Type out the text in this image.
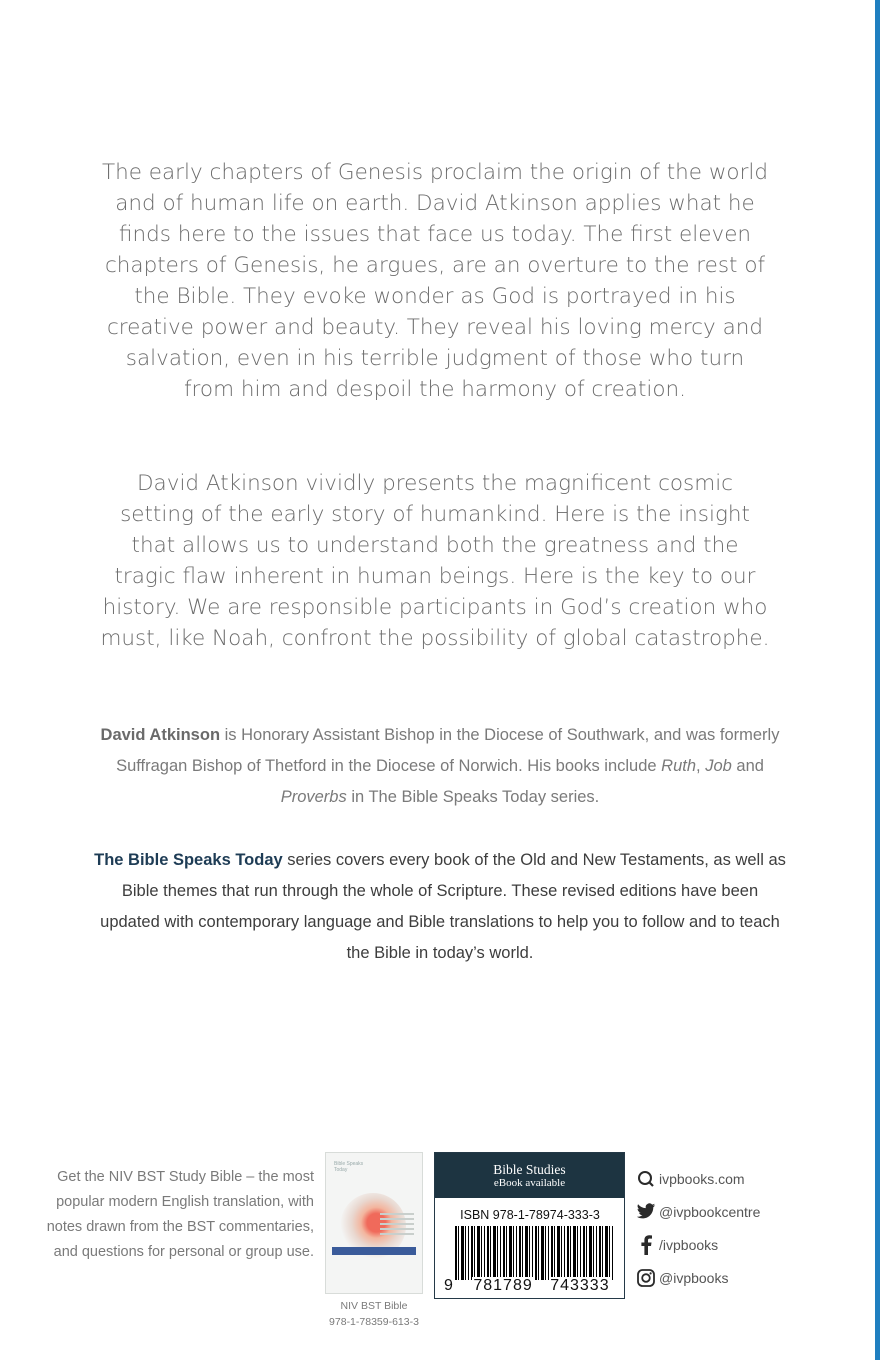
The early chapters of Genesis proclaim the origin of the world and of human life on earth. David Atkinson applies what he finds here to the issues that face us today. The first eleven chapters of Genesis, he argues, are an overture to the rest of the Bible. They evoke wonder as God is portrayed in his creative power and beauty. They reveal his loving mercy and salvation, even in his terrible judgment of those who turn from him and despoil the harmony of creation.

David Atkinson vividly presents the magnificent cosmic setting of the early story of humankind. Here is the insight that allows us to understand both the greatness and the tragic flaw inherent in human beings. Here is the key to our history. We are responsible participants in God’s creation who must, like Noah, confront the possibility of global catastrophe.

David Atkinson is Honorary Assistant Bishop in the Diocese of Southwark, and was formerly Suffragan Bishop of Thetford in the Diocese of Norwich. His books include Ruth, Job and Proverbs in The Bible Speaks Today series.

The Bible Speaks Today series covers every book of the Old and New Testaments, as well as Bible themes that run through the whole of Scripture. These revised editions have been updated with contemporary language and Bible translations to help you to follow and to teach the Bible in today’s world.

Get the NIV BST Study Bible – the most popular modern English translation, with notes drawn from the BST commentaries, and questions for personal or group use.

Bible Speaks Today

NIV BST Bible
978-1-78359-613-3

Bible Studies
eBook available
ISBN 978-1-78974-333-3
9 781789 743333
ivpbooks.com
@ivpbookcentre
/ivpbooks
@ivpbooks
